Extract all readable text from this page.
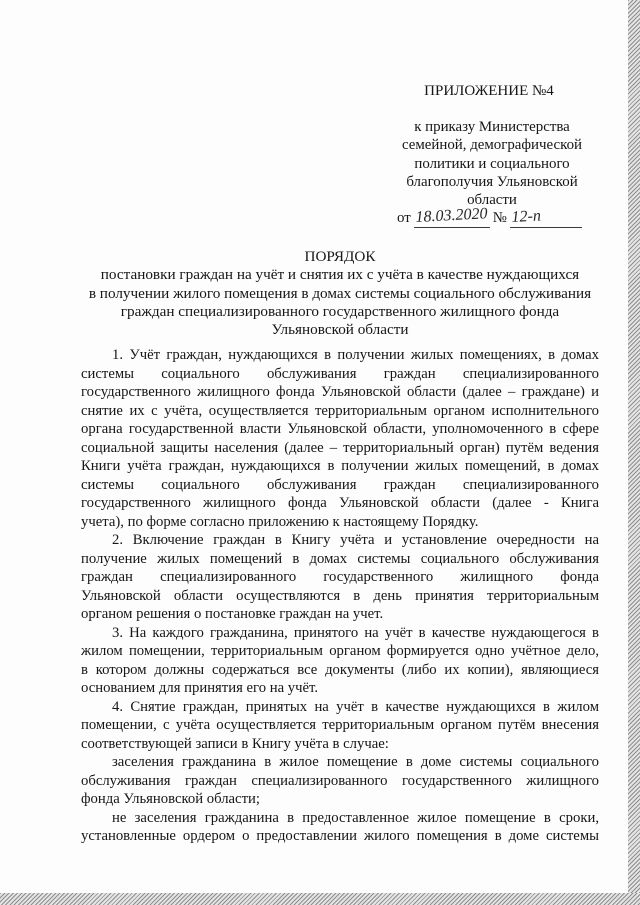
ПРИЛОЖЕНИЕ №4
к приказу Министерства
семейной, демографической
политики и социального
благополучия Ульяновской
области
от 18.03.2020 № 12-п
ПОРЯДОК
постановки граждан на учёт и снятия их с учёта в качестве нуждающихся
в получении жилого помещения в домах системы социального обслуживания
граждан специализированного государственного жилищного фонда
Ульяновской области
1. Учёт граждан, нуждающихся в получении жилых помещениях, в домах
системы социального обслуживания граждан специализированного
государственного жилищного фонда Ульяновской области (далее – граждане) и
снятие их с учёта, осуществляется территориальным органом исполнительного
органа государственной власти Ульяновской области, уполномоченного в сфере
социальной защиты населения (далее – территориальный орган) путём ведения
Книги учёта граждан, нуждающихся в получении жилых помещений, в домах
системы социального обслуживания граждан специализированного
государственного жилищного фонда Ульяновской области (далее - Книга
учета), по форме согласно приложению к настоящему Порядку.
2. Включение граждан в Книгу учёта и установление очередности на
получение жилых помещений в домах системы социального обслуживания
граждан специализированного государственного жилищного фонда
Ульяновской области осуществляются в день принятия территориальным
органом решения о постановке граждан на учет.
3. На каждого гражданина, принятого на учёт в качестве нуждающегося в
жилом помещении, территориальным органом формируется одно учётное дело,
в котором должны содержаться все документы (либо их копии), являющиеся
основанием для принятия его на учёт.
4. Снятие граждан, принятых на учёт в качестве нуждающихся в жилом
помещении, с учёта осуществляется территориальным органом путём внесения
соответствующей записи в Книгу учёта в случае:
заселения гражданина в жилое помещение в доме системы социального
обслуживания граждан специализированного государственного жилищного
фонда Ульяновской области;
не заселения гражданина в предоставленное жилое помещение в сроки,
установленные ордером о предоставлении жилого помещения в доме системы
